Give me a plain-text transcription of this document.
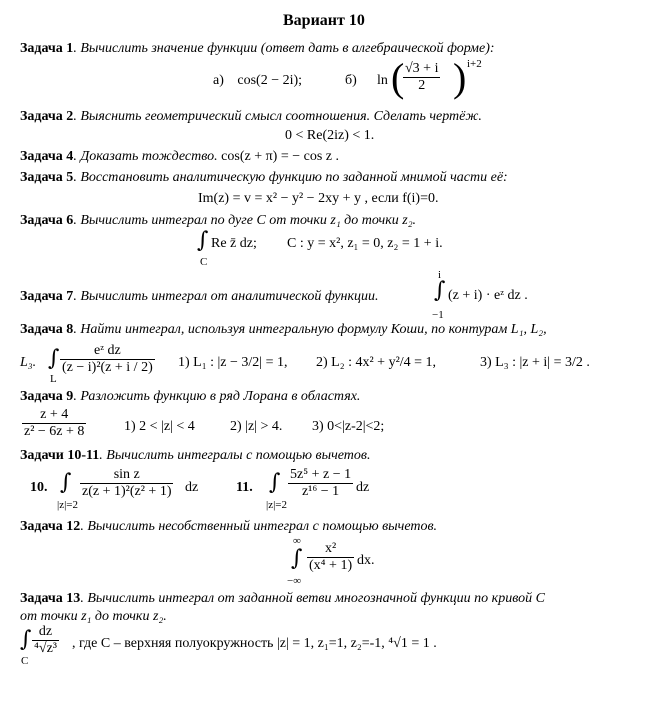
Вариант 10
Задача 1. Вычислить значение функции (ответ дать в алгебраической форме):
а) cos(2 − 2i);	б) ln (
$\frac{√3 + i}{2}$ ) i+2
Задача 2. Выяснить геометрический смысл соотношения. Сделать чертёж.
0 < Re(2iz) < 1.
Задача 4. Доказать тождество. cos(z + π) = − cos z .
Задача 5. Восстановить аналитическую функцию по заданной мнимой части её:
Im(z) = v = x² − y² − 2xy + y , если f(i)=0.
Задача 6. Вычислить интеграл по дуге C от точки z₁ до точки z₂.
∫
C
Re z̄ dz; C : y = x², z₁ = 0, z₂ = 1 + i.
Задача 7. Вычислить интеграл от аналитической функции.
i
∫
−1
(z + i) · eᶻ dz .
Задача 8. Найти интеграл, используя интегральную формулу Коши, по контурам L₁, L₂,
L₃. ∫
L
$\frac{\text{eᶻ dz}}{\text{(z − i)²(z + i / 2)}} 1$) L₁ : |z − 3/2| = 1, 2) L₂ : 4x² + y²/4 = 1,	3) L₃ : |z + i| = 3/2 .
Задача 9. Разложить функцию в ряд Лорана в областях.
$\frac{z + 4}{\text{z² − 6z + 8}}$	1) 2 < |z| < 4	2) |z| > 4. 3) 0<|z-2|<2;
Задачи 10-11. Вычислить интегралы с помощью вычетов.
10. ∫
|z|=2
$\frac{\text{sin z}}{\text{z(z + 1)²(z² + 1)}}$ dz	11. ∫
|z|=2
$\frac{\text{5z⁵ + z − 1}}{\text{z¹⁶ − 1}}$ dz
Задача 12. Вычислить несобственный интеграл с помощью вычетов.
∞
∫
−∞
$\frac{\text{x²}}{\text{(x⁴ + 1)}}$ dx.
Задача 13. Вычислить интеграл от заданной ветви многозначной функции по кривой C
от точки z₁ до точки z₂.
∫
C
$\frac{dz}{\text{⁴√z³}}$ , где C – верхняя полуокружность |z| = 1, z₁=1, z₂=-1, ⁴√1 = 1 .
